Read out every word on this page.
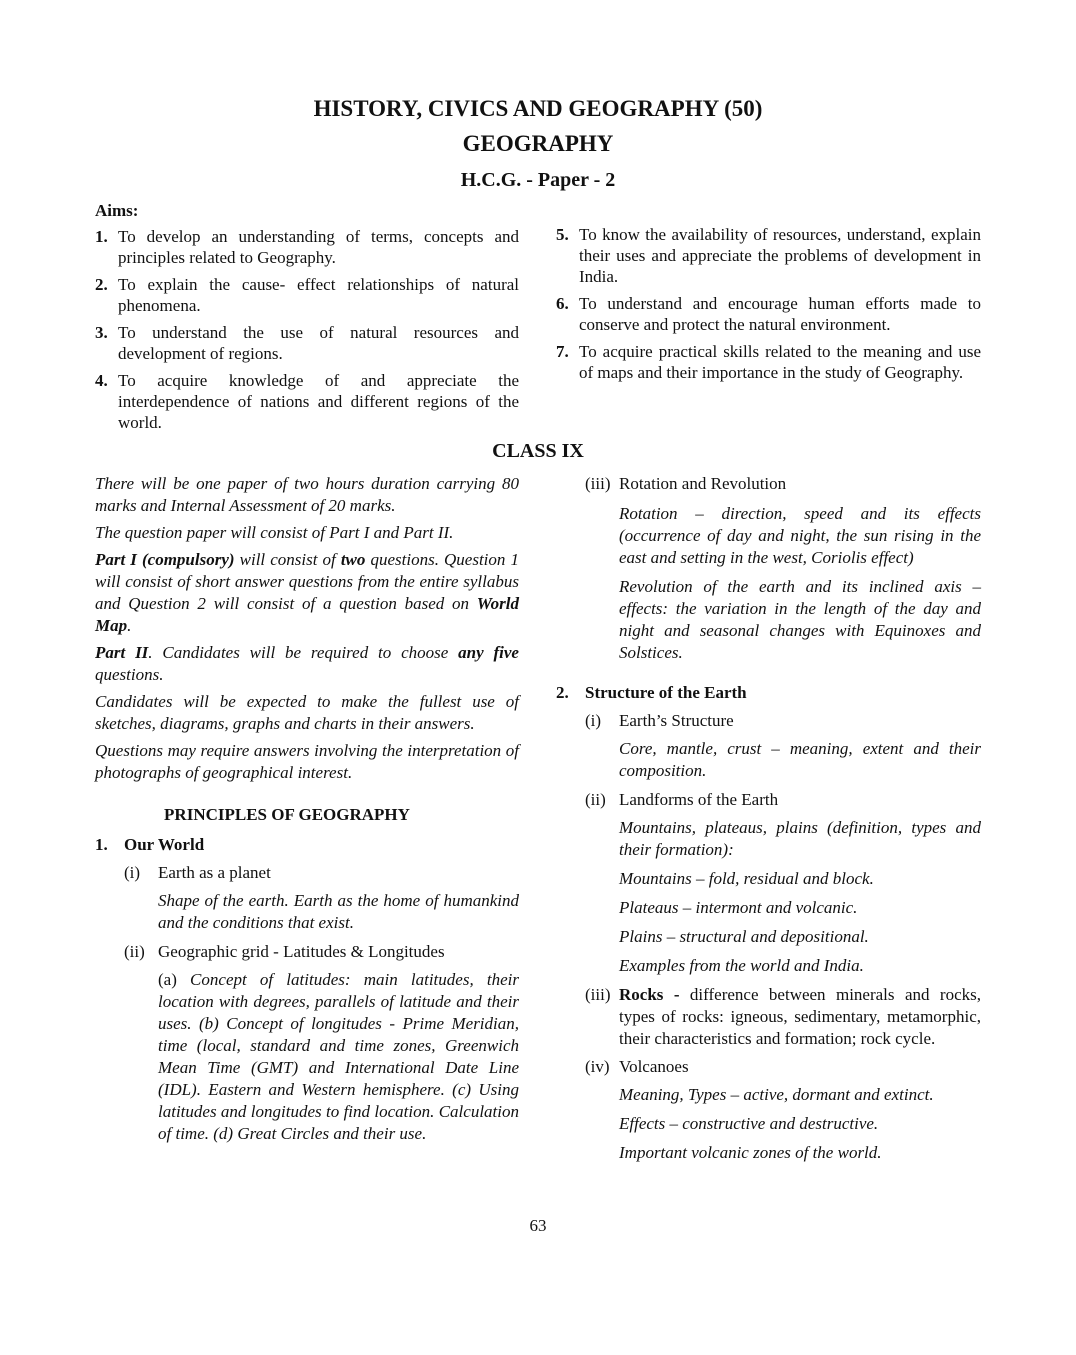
HISTORY, CIVICS AND GEOGRAPHY (50)
GEOGRAPHY
H.C.G. - Paper - 2
Aims:
1. To develop an understanding of terms, concepts and principles related to Geography.
2. To explain the cause- effect relationships of natural phenomena.
3. To understand the use of natural resources and development of regions.
4. To acquire knowledge of and appreciate the interdependence of nations and different regions of the world.
5. To know the availability of resources, understand, explain their uses and appreciate the problems of development in India.
6. To understand and encourage human efforts made to conserve and protect the natural environment.
7. To acquire practical skills related to the meaning and use of maps and their importance in the study of Geography.
CLASS IX

There will be one paper of two hours duration carrying 80 marks and Internal Assessment of 20 marks.

The question paper will consist of Part I and Part II.

Part I (compulsory) will consist of two questions. Question 1 will consist of short answer questions from the entire syllabus and Question 2 will consist of a question based on World Map.

Part II. Candidates will be required to choose any five questions.

Candidates will be expected to make the fullest use of sketches, diagrams, graphs and charts in their answers.

Questions may require answers involving the interpretation of photographs of geographical interest.

PRINCIPLES OF GEOGRAPHY
1. Our World
(i)	Earth as a planet

Shape of the earth. Earth as the home of humankind and the conditions that exist.

(ii) Geographic grid - Latitudes & Longitudes

(a) Concept of latitudes: main latitudes, their location with degrees, parallels of latitude and their uses. (b) Concept of longitudes - Prime Meridian, time (local, standard and time zones, Greenwich Mean Time (GMT) and International Date Line (IDL). Eastern and Western hemisphere. (c) Using latitudes and longitudes to find location. Calculation of time. (d) Great Circles and their use.

(iii) Rotation and Revolution

Rotation – direction, speed and its effects (occurrence of day and night, the sun rising in the east and setting in the west, Coriolis effect)

Revolution of the earth and its inclined axis – effects: the variation in the length of the day and night and seasonal changes with Equinoxes and Solstices.

2. Structure of the Earth
(i)	Earth’s Structure

Core, mantle, crust – meaning, extent and their composition.

(ii) Landforms of the Earth

Mountains, plateaus, plains (definition, types and their formation):

Mountains – fold, residual and block.

Plateaus – intermont and volcanic.

Plains – structural and depositional.

Examples from the world and India.

(iii) Rocks - difference between minerals and rocks, types of rocks: igneous, sedimentary, metamorphic, their characteristics and formation; rock cycle.
(iv) Volcanoes

Meaning, Types – active, dormant and extinct.

Effects – constructive and destructive.

Important volcanic zones of the world.

63
